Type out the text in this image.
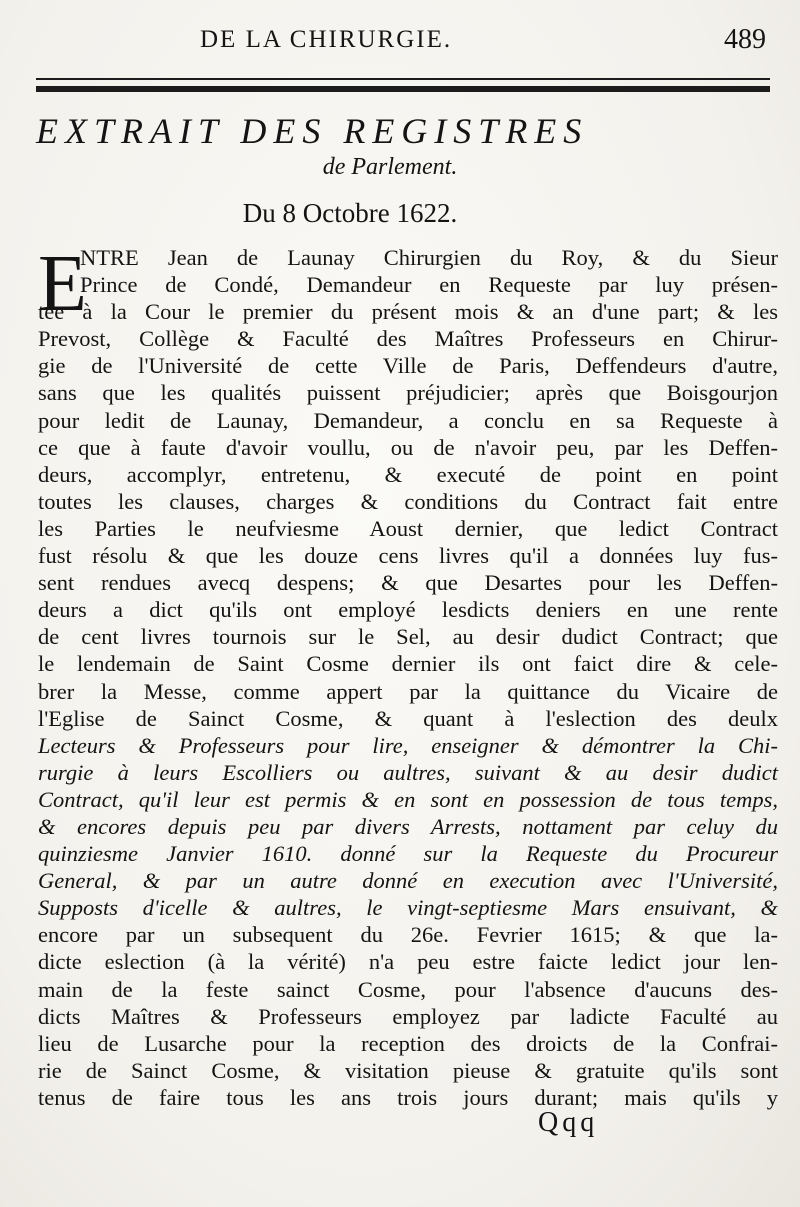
DE LA CHIRURGIE.	489
EXTRAIT DES REGISTRES
de Parlement.
Du 8 Octobre 1622.
E
NTRE Jean de Launay Chirurgien du Roy, & du Sieur
Prince de Condé, Demandeur en Requeste par luy présen-
tée à la Cour le premier du présent mois & an d'une part; & les
Prevost, Collège & Faculté des Maîtres Professeurs en Chirur-
gie de l'Université de cette Ville de Paris, Deffendeurs d'autre,
sans que les qualités puissent préjudicier; après que Boisgourjon
pour ledit de Launay, Demandeur, a conclu en sa Requeste à
ce que à faute d'avoir voullu, ou de n'avoir peu, par les Deffen-
deurs, accomplyr, entretenu, & executé de point en point
toutes les clauses, charges & conditions du Contract fait entre
les Parties le neufviesme Aoust dernier, que ledict Contract
fust résolu & que les douze cens livres qu'il a données luy fus-
sent rendues avecq despens; & que Desartes pour les Deffen-
deurs a dict qu'ils ont employé lesdicts deniers en une rente
de cent livres tournois sur le Sel, au desir dudict Contract; que
le lendemain de Saint Cosme dernier ils ont faict dire & cele-
brer la Messe, comme appert par la quittance du Vicaire de
l'Eglise de Sainct Cosme, & quant à l'eslection des deulx
Lecteurs & Professeurs pour lire, enseigner & démontrer la Chi-
rurgie à leurs Escolliers ou aultres, suivant & au desir dudict
Contract, qu'il leur est permis & en sont en possession de tous temps,
& encores depuis peu par divers Arrests, nottament par celuy du
quinziesme Janvier 1610. donné sur la Requeste du Procureur
General, & par un autre donné en execution avec l'Université,
Supposts d'icelle & aultres, le vingt-septiesme Mars ensuivant, &
encore par un subsequent du 26e. Fevrier 1615; & que la-
dicte eslection (à la vérité) n'a peu estre faicte ledict jour len-
main de la feste sainct Cosme, pour l'absence d'aucuns des-
dicts Maîtres & Professeurs employez par ladicte Faculté au
lieu de Lusarche pour la reception des droicts de la Confrai-
rie de Sainct Cosme, & visitation pieuse & gratuite qu'ils sont
tenus de faire tous les ans trois jours durant; mais qu'ils y
Qqq
